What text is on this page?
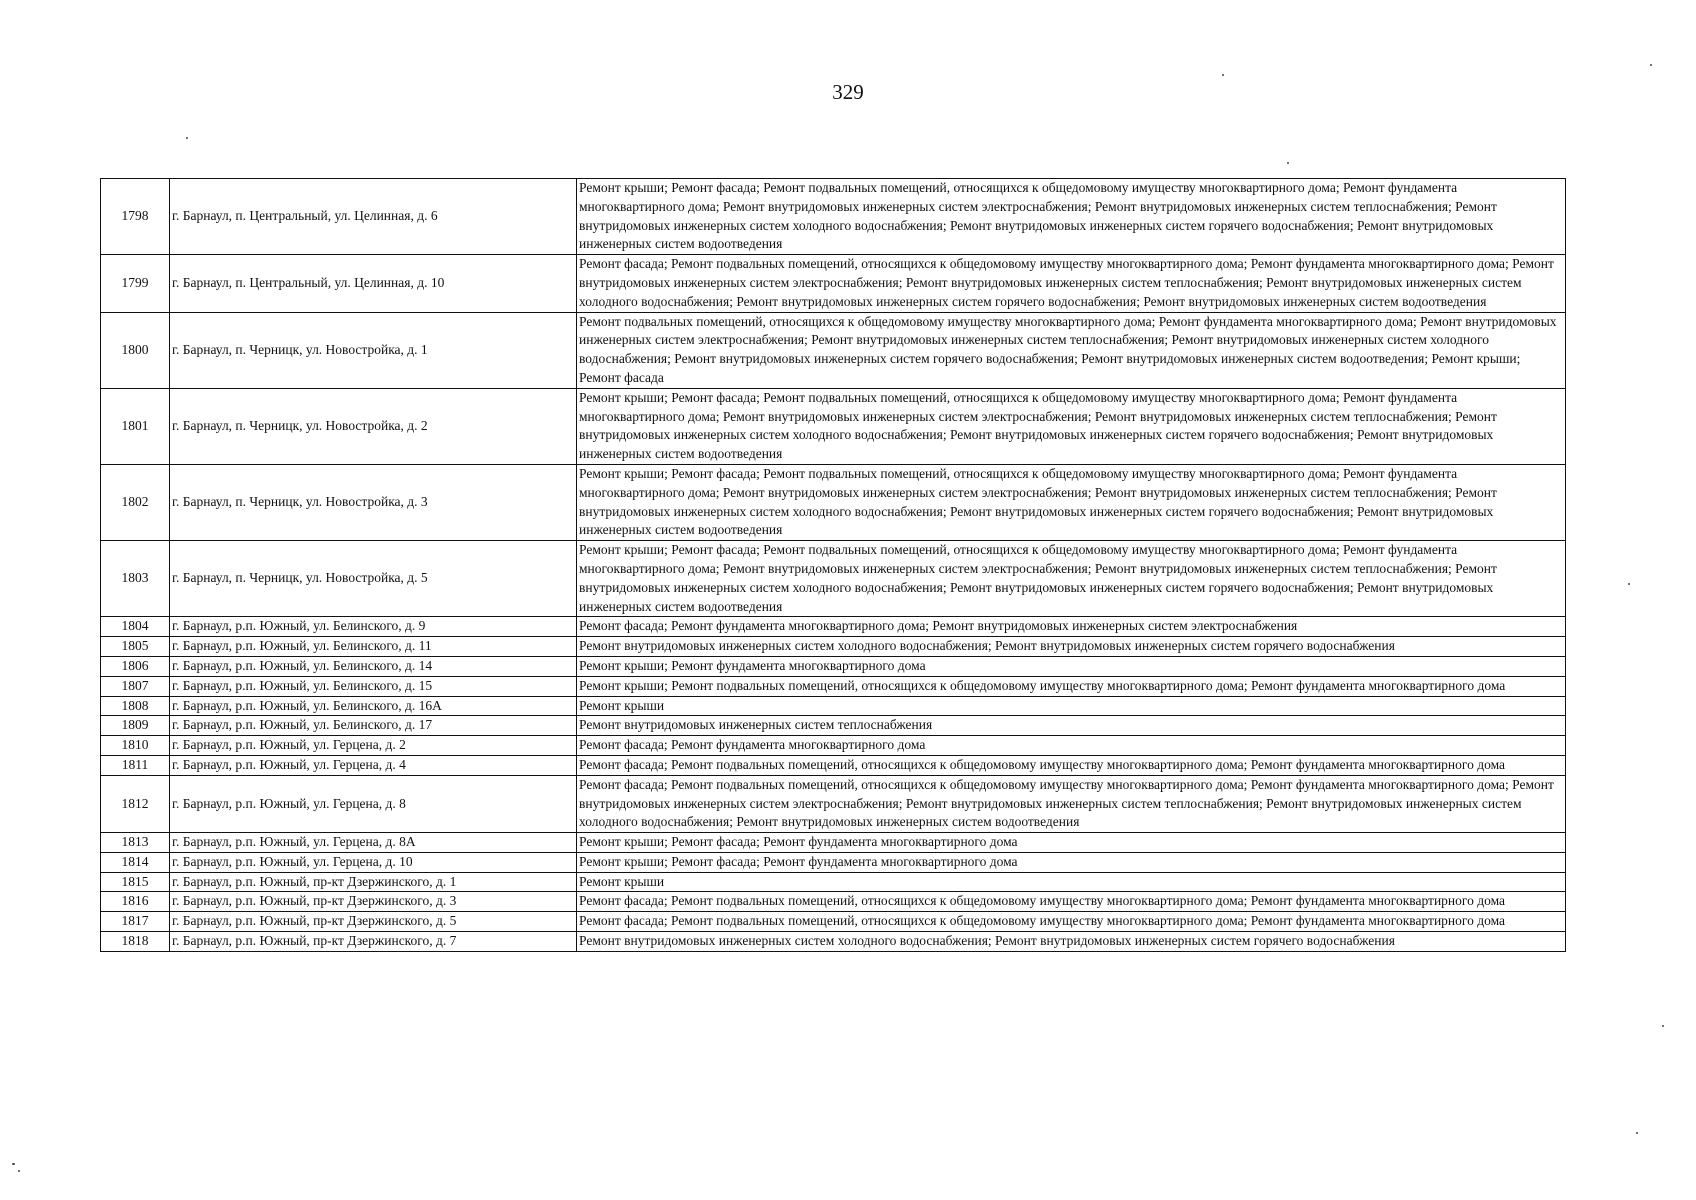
329
1798	г. Барнаул, п. Центральный, ул. Целинная, д. 6	Ремонт крыши; Ремонт фасада; Ремонт подвальных помещений, относящихся к общедомовому имуществу многоквартирного дома; Ремонт фундамента многоквартирного дома; Ремонт внутридомовых инженерных систем электроснабжения; Ремонт внутридомовых инженерных систем теплоснабжения; Ремонт внутридомовых инженерных систем холодного водоснабжения; Ремонт внутридомовых инженерных систем горячего водоснабжения; Ремонт внутридомовых инженерных систем водоотведения
1799	г. Барнаул, п. Центральный, ул. Целинная, д. 10	Ремонт фасада; Ремонт подвальных помещений, относящихся к общедомовому имуществу многоквартирного дома; Ремонт фундамента многоквартирного дома; Ремонт внутридомовых инженерных систем электроснабжения; Ремонт внутридомовых инженерных систем теплоснабжения; Ремонт внутридомовых инженерных систем холодного водоснабжения; Ремонт внутридомовых инженерных систем горячего водоснабжения; Ремонт внутридомовых инженерных систем водоотведения
1800	г. Барнаул, п. Черницк, ул. Новостройка, д. 1	Ремонт подвальных помещений, относящихся к общедомовому имуществу многоквартирного дома; Ремонт фундамента многоквартирного дома; Ремонт внутридомовых инженерных систем электроснабжения; Ремонт внутридомовых инженерных систем теплоснабжения; Ремонт внутридомовых инженерных систем холодного водоснабжения; Ремонт внутридомовых инженерных систем горячего водоснабжения; Ремонт внутридомовых инженерных систем водоотведения; Ремонт крыши; Ремонт фасада
1801	г. Барнаул, п. Черницк, ул. Новостройка, д. 2	Ремонт крыши; Ремонт фасада; Ремонт подвальных помещений, относящихся к общедомовому имуществу многоквартирного дома; Ремонт фундамента многоквартирного дома; Ремонт внутридомовых инженерных систем электроснабжения; Ремонт внутридомовых инженерных систем теплоснабжения; Ремонт внутридомовых инженерных систем холодного водоснабжения; Ремонт внутридомовых инженерных систем горячего водоснабжения; Ремонт внутридомовых инженерных систем водоотведения
1802	г. Барнаул, п. Черницк, ул. Новостройка, д. 3	Ремонт крыши; Ремонт фасада; Ремонт подвальных помещений, относящихся к общедомовому имуществу многоквартирного дома; Ремонт фундамента многоквартирного дома; Ремонт внутридомовых инженерных систем электроснабжения; Ремонт внутридомовых инженерных систем теплоснабжения; Ремонт внутридомовых инженерных систем холодного водоснабжения; Ремонт внутридомовых инженерных систем горячего водоснабжения; Ремонт внутридомовых инженерных систем водоотведения
1803	г. Барнаул, п. Черницк, ул. Новостройка, д. 5	Ремонт крыши; Ремонт фасада; Ремонт подвальных помещений, относящихся к общедомовому имуществу многоквартирного дома; Ремонт фундамента многоквартирного дома; Ремонт внутридомовых инженерных систем электроснабжения; Ремонт внутридомовых инженерных систем теплоснабжения; Ремонт внутридомовых инженерных систем холодного водоснабжения; Ремонт внутридомовых инженерных систем горячего водоснабжения; Ремонт внутридомовых инженерных систем водоотведения
1804	г. Барнаул, р.п. Южный, ул. Белинского, д. 9	Ремонт фасада; Ремонт фундамента многоквартирного дома; Ремонт внутридомовых инженерных систем электроснабжения
1805	г. Барнаул, р.п. Южный, ул. Белинского, д. 11	Ремонт внутридомовых инженерных систем холодного водоснабжения; Ремонт внутридомовых инженерных систем горячего водоснабжения
1806	г. Барнаул, р.п. Южный, ул. Белинского, д. 14	Ремонт крыши; Ремонт фундамента многоквартирного дома
1807	г. Барнаул, р.п. Южный, ул. Белинского, д. 15	Ремонт крыши; Ремонт подвальных помещений, относящихся к общедомовому имуществу многоквартирного дома; Ремонт фундамента многоквартирного дома
1808	г. Барнаул, р.п. Южный, ул. Белинского, д. 16А	Ремонт крыши
1809	г. Барнаул, р.п. Южный, ул. Белинского, д. 17	Ремонт внутридомовых инженерных систем теплоснабжения
1810	г. Барнаул, р.п. Южный, ул. Герцена, д. 2	Ремонт фасада; Ремонт фундамента многоквартирного дома
1811	г. Барнаул, р.п. Южный, ул. Герцена, д. 4	Ремонт фасада; Ремонт подвальных помещений, относящихся к общедомовому имуществу многоквартирного дома; Ремонт фундамента многоквартирного дома
1812	г. Барнаул, р.п. Южный, ул. Герцена, д. 8	Ремонт фасада; Ремонт подвальных помещений, относящихся к общедомовому имуществу многоквартирного дома; Ремонт фундамента многоквартирного дома; Ремонт внутридомовых инженерных систем электроснабжения; Ремонт внутридомовых инженерных систем теплоснабжения; Ремонт внутридомовых инженерных систем холодного водоснабжения; Ремонт внутридомовых инженерных систем водоотведения
1813	г. Барнаул, р.п. Южный, ул. Герцена, д. 8А	Ремонт крыши; Ремонт фасада; Ремонт фундамента многоквартирного дома
1814	г. Барнаул, р.п. Южный, ул. Герцена, д. 10	Ремонт крыши; Ремонт фасада; Ремонт фундамента многоквартирного дома
1815	г. Барнаул, р.п. Южный, пр-кт Дзержинского, д. 1	Ремонт крыши
1816	г. Барнаул, р.п. Южный, пр-кт Дзержинского, д. 3	Ремонт фасада; Ремонт подвальных помещений, относящихся к общедомовому имуществу многоквартирного дома; Ремонт фундамента многоквартирного дома
1817	г. Барнаул, р.п. Южный, пр-кт Дзержинского, д. 5	Ремонт фасада; Ремонт подвальных помещений, относящихся к общедомовому имуществу многоквартирного дома; Ремонт фундамента многоквартирного дома
1818	г. Барнаул, р.п. Южный, пр-кт Дзержинского, д. 7	Ремонт внутридомовых инженерных систем холодного водоснабжения; Ремонт внутридомовых инженерных систем горячего водоснабжения
